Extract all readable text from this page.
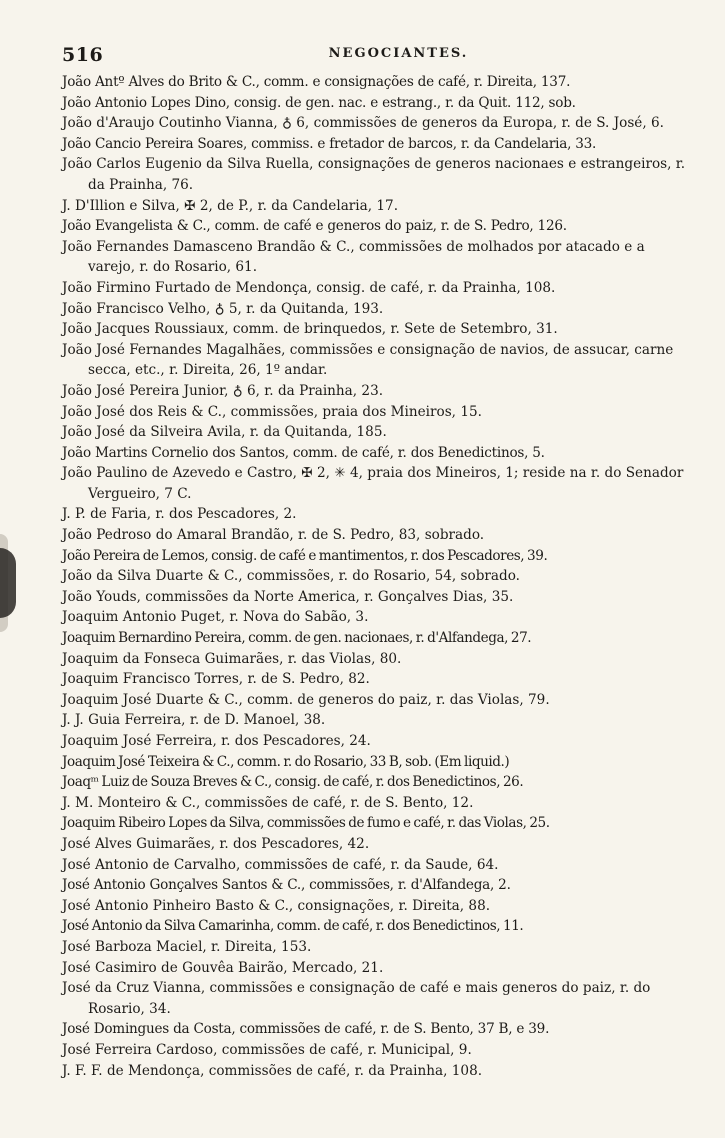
516	NEGOCIANTES.

João Antº Alves do Brito & C., comm. e consignações de café, r. Direita, 137.

João Antonio Lopes Dino, consig. de gen. nac. e estrang., r. da Quit. 112, sob.

João d'Araujo Coutinho Vianna, ♁ 6, commissões de generos da Europa, r. de S. José, 6.

João Cancio Pereira Soares, commiss. e fretador de barcos, r. da Candelaria, 33.

João Carlos Eugenio da Silva Ruella, consignações de generos nacionaes e estrangeiros, r. da Prainha, 76.

J. D'Illion e Silva, ✠ 2, de P., r. da Candelaria, 17.

João Evangelista & C., comm. de café e generos do paiz, r. de S. Pedro, 126.

João Fernandes Damasceno Brandão & C., commissões de molhados por atacado e a varejo, r. do Rosario, 61.

João Firmino Furtado de Mendonça, consig. de café, r. da Prainha, 108.

João Francisco Velho, ♁ 5, r. da Quitanda, 193.

João Jacques Roussiaux, comm. de brinquedos, r. Sete de Setembro, 31.

João José Fernandes Magalhães, commissões e consignação de navios, de assucar, carne secca, etc., r. Direita, 26, 1º andar.

João José Pereira Junior, ♁ 6, r. da Prainha, 23.

João José dos Reis & C., commissões, praia dos Mineiros, 15.

João José da Silveira Avila, r. da Quitanda, 185.

João Martins Cornelio dos Santos, comm. de café, r. dos Benedictinos, 5.

João Paulino de Azevedo e Castro, ✠ 2, ✳ 4, praia dos Mineiros, 1; reside na r. do Senador Vergueiro, 7 C.

J. P. de Faria, r. dos Pescadores, 2.

João Pedroso do Amaral Brandão, r. de S. Pedro, 83, sobrado.

João Pereira de Lemos, consig. de café e mantimentos, r. dos Pescadores, 39.

João da Silva Duarte & C., commissões, r. do Rosario, 54, sobrado.

João Youds, commissões da Norte America, r. Gonçalves Dias, 35.

Joaquim Antonio Puget, r. Nova do Sabão, 3.

Joaquim Bernardino Pereira, comm. de gen. nacionaes, r. d'Alfandega, 27.

Joaquim da Fonseca Guimarães, r. das Violas, 80.

Joaquim Francisco Torres, r. de S. Pedro, 82.

Joaquim José Duarte & C., comm. de generos do paiz, r. das Violas, 79.

J. J. Guia Ferreira, r. de D. Manoel, 38.

Joaquim José Ferreira, r. dos Pescadores, 24.

Joaquim José Teixeira & C., comm. r. do Rosario, 33 B, sob. (Em liquid.)

Joaqᵐ Luiz de Souza Breves & C., consig. de café, r. dos Benedictinos, 26.

J. M. Monteiro & C., commissões de café, r. de S. Bento, 12.

Joaquim Ribeiro Lopes da Silva, commissões de fumo e café, r. das Violas, 25.

José Alves Guimarães, r. dos Pescadores, 42.

José Antonio de Carvalho, commissões de café, r. da Saude, 64.

José Antonio Gonçalves Santos & C., commissões, r. d'Alfandega, 2.

José Antonio Pinheiro Basto & C., consignações, r. Direita, 88.

José Antonio da Silva Camarinha, comm. de café, r. dos Benedictinos, 11.

José Barboza Maciel, r. Direita, 153.

José Casimiro de Gouvêa Bairão, Mercado, 21.

José da Cruz Vianna, commissões e consignação de café e mais generos do paiz, r. do Rosario, 34.

José Domingues da Costa, commissões de café, r. de S. Bento, 37 B, e 39.

José Ferreira Cardoso, commissões de café, r. Municipal, 9.

J. F. F. de Mendonça, commissões de café, r. da Prainha, 108.
